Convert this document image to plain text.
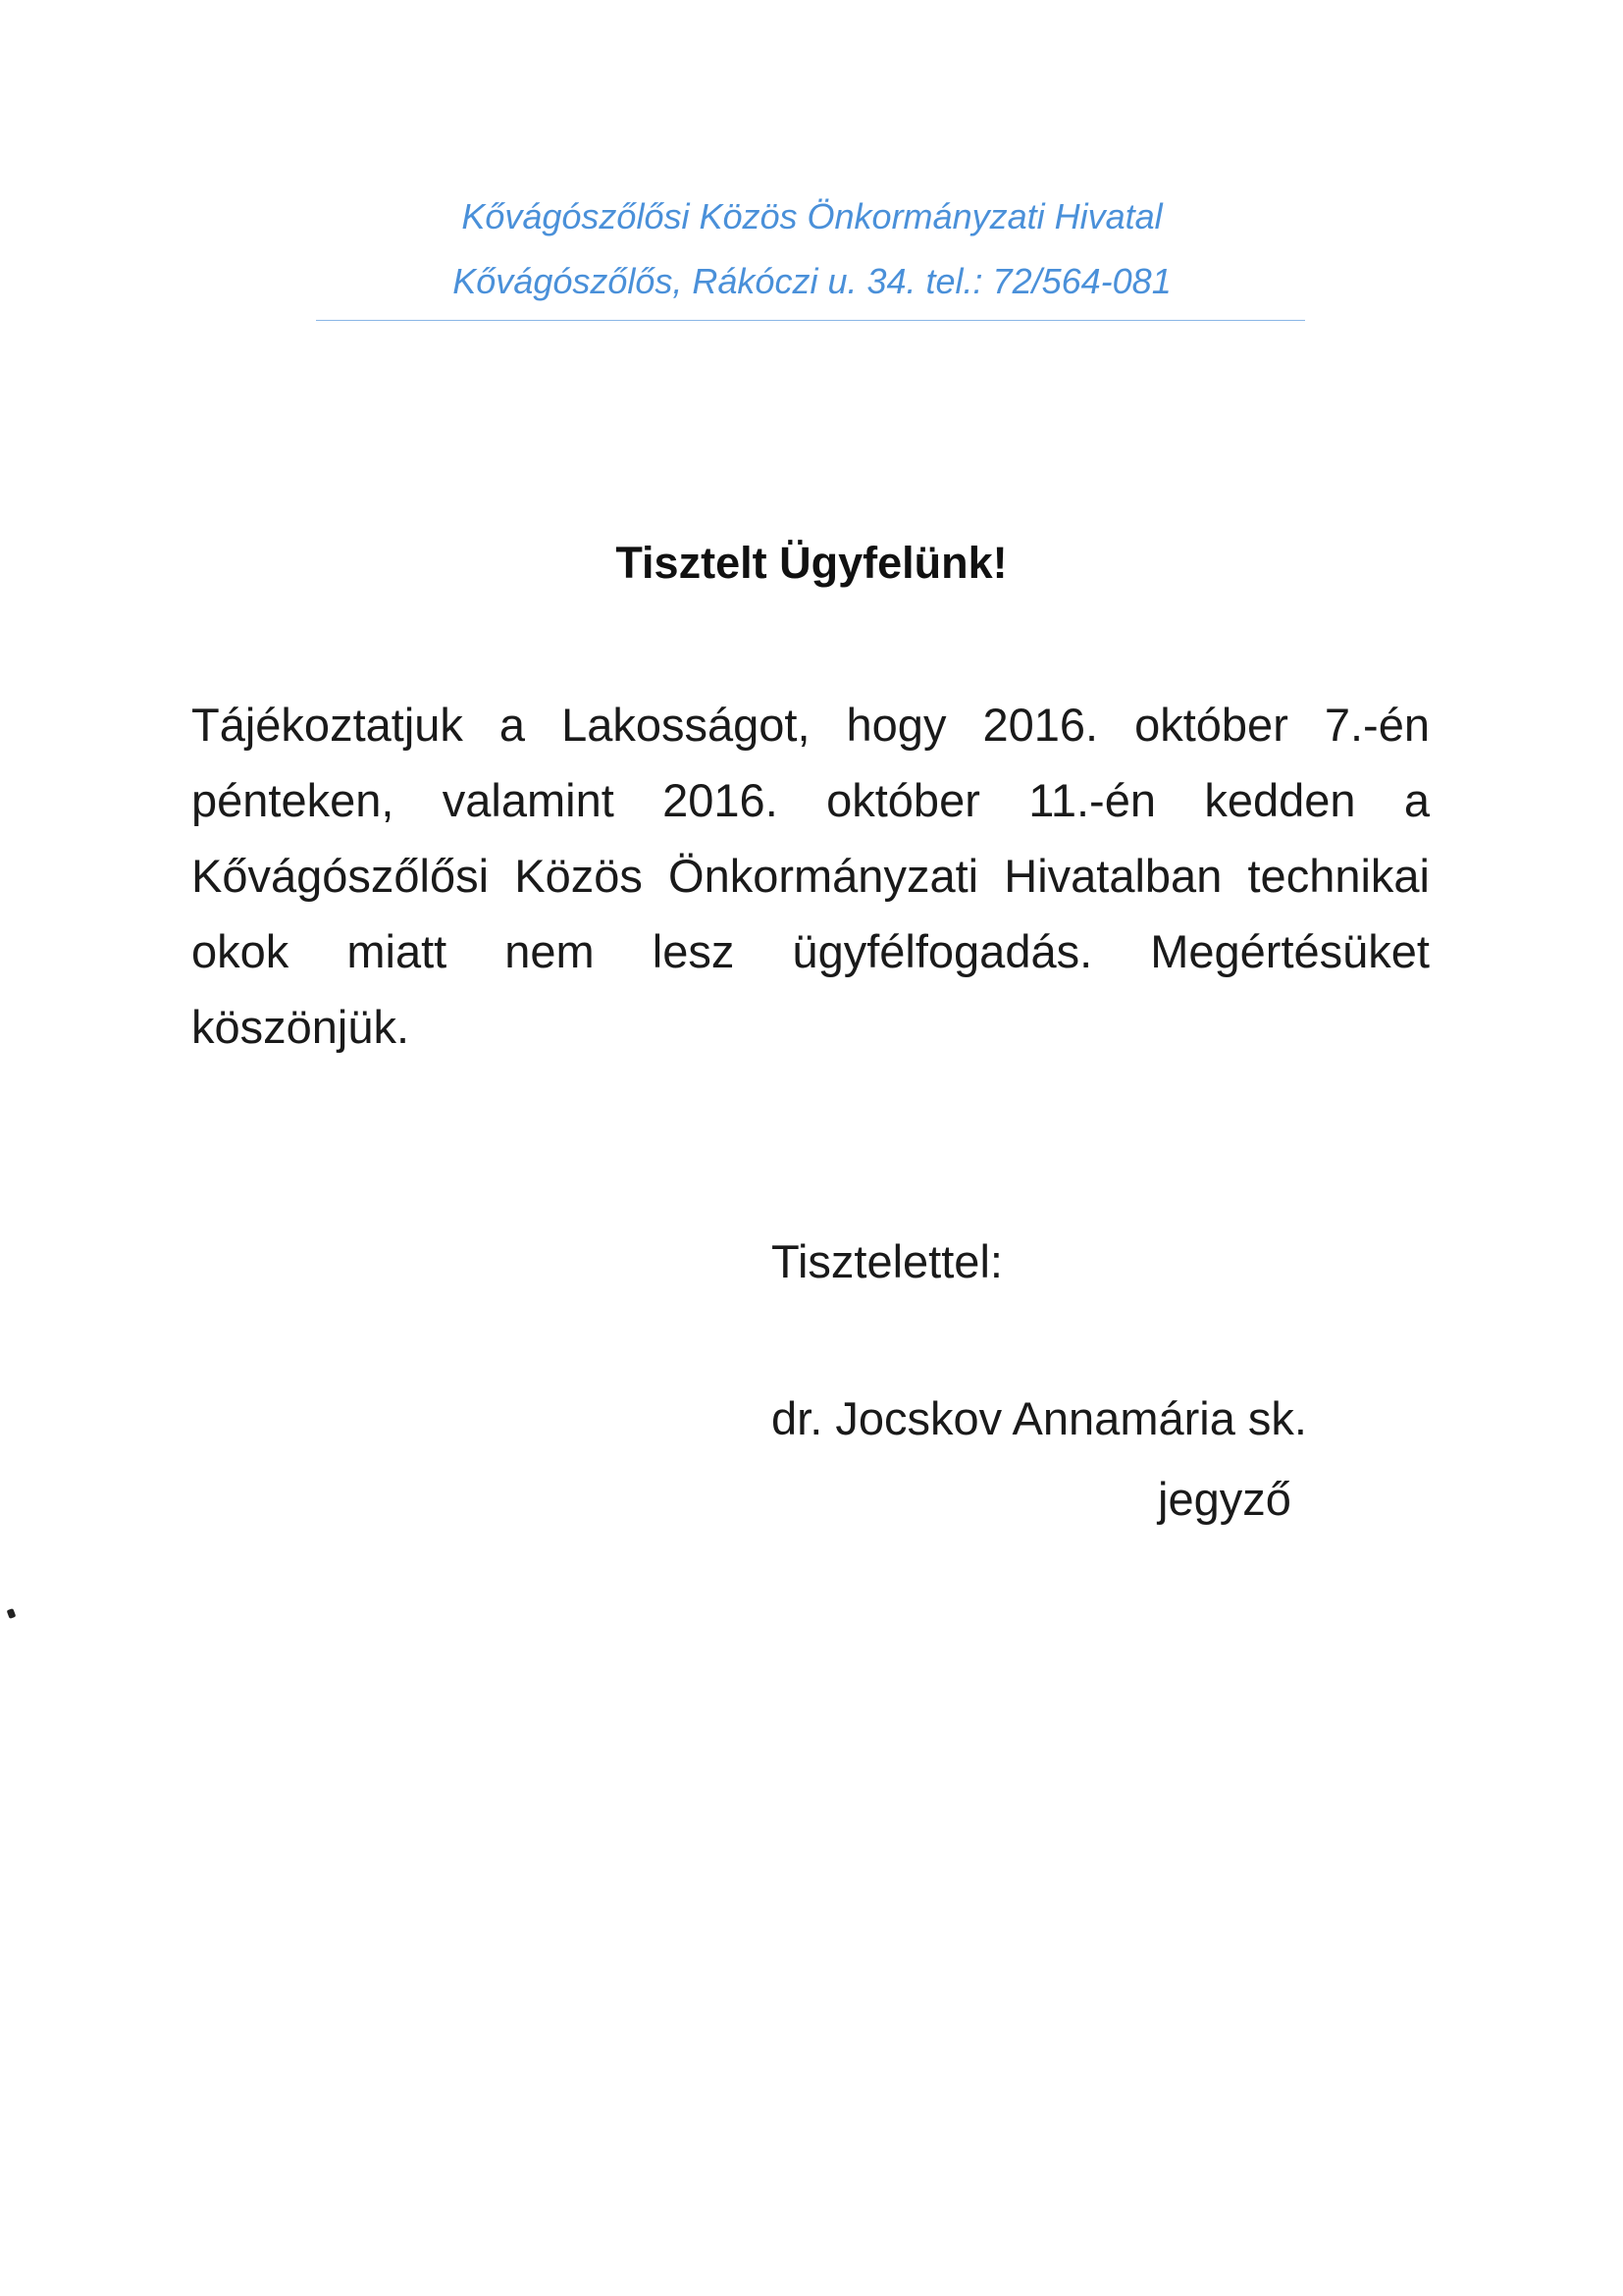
Kővágószőlősi Közös Önkormányzati Hivatal
Kővágószőlős, Rákóczi u. 34. tel.: 72/564-081
Tisztelt Ügyfelünk!
Tájékoztatjuk a Lakosságot, hogy 2016. október 7.-én pénteken, valamint 2016. október 11.-én kedden a Kővágószőlősi Közös Önkormányzati Hivatalban technikai okok miatt nem lesz ügyfélfogadás. Megértésüket köszönjük.
Tisztelettel:
dr. Jocskov Annamária sk.
jegyző
